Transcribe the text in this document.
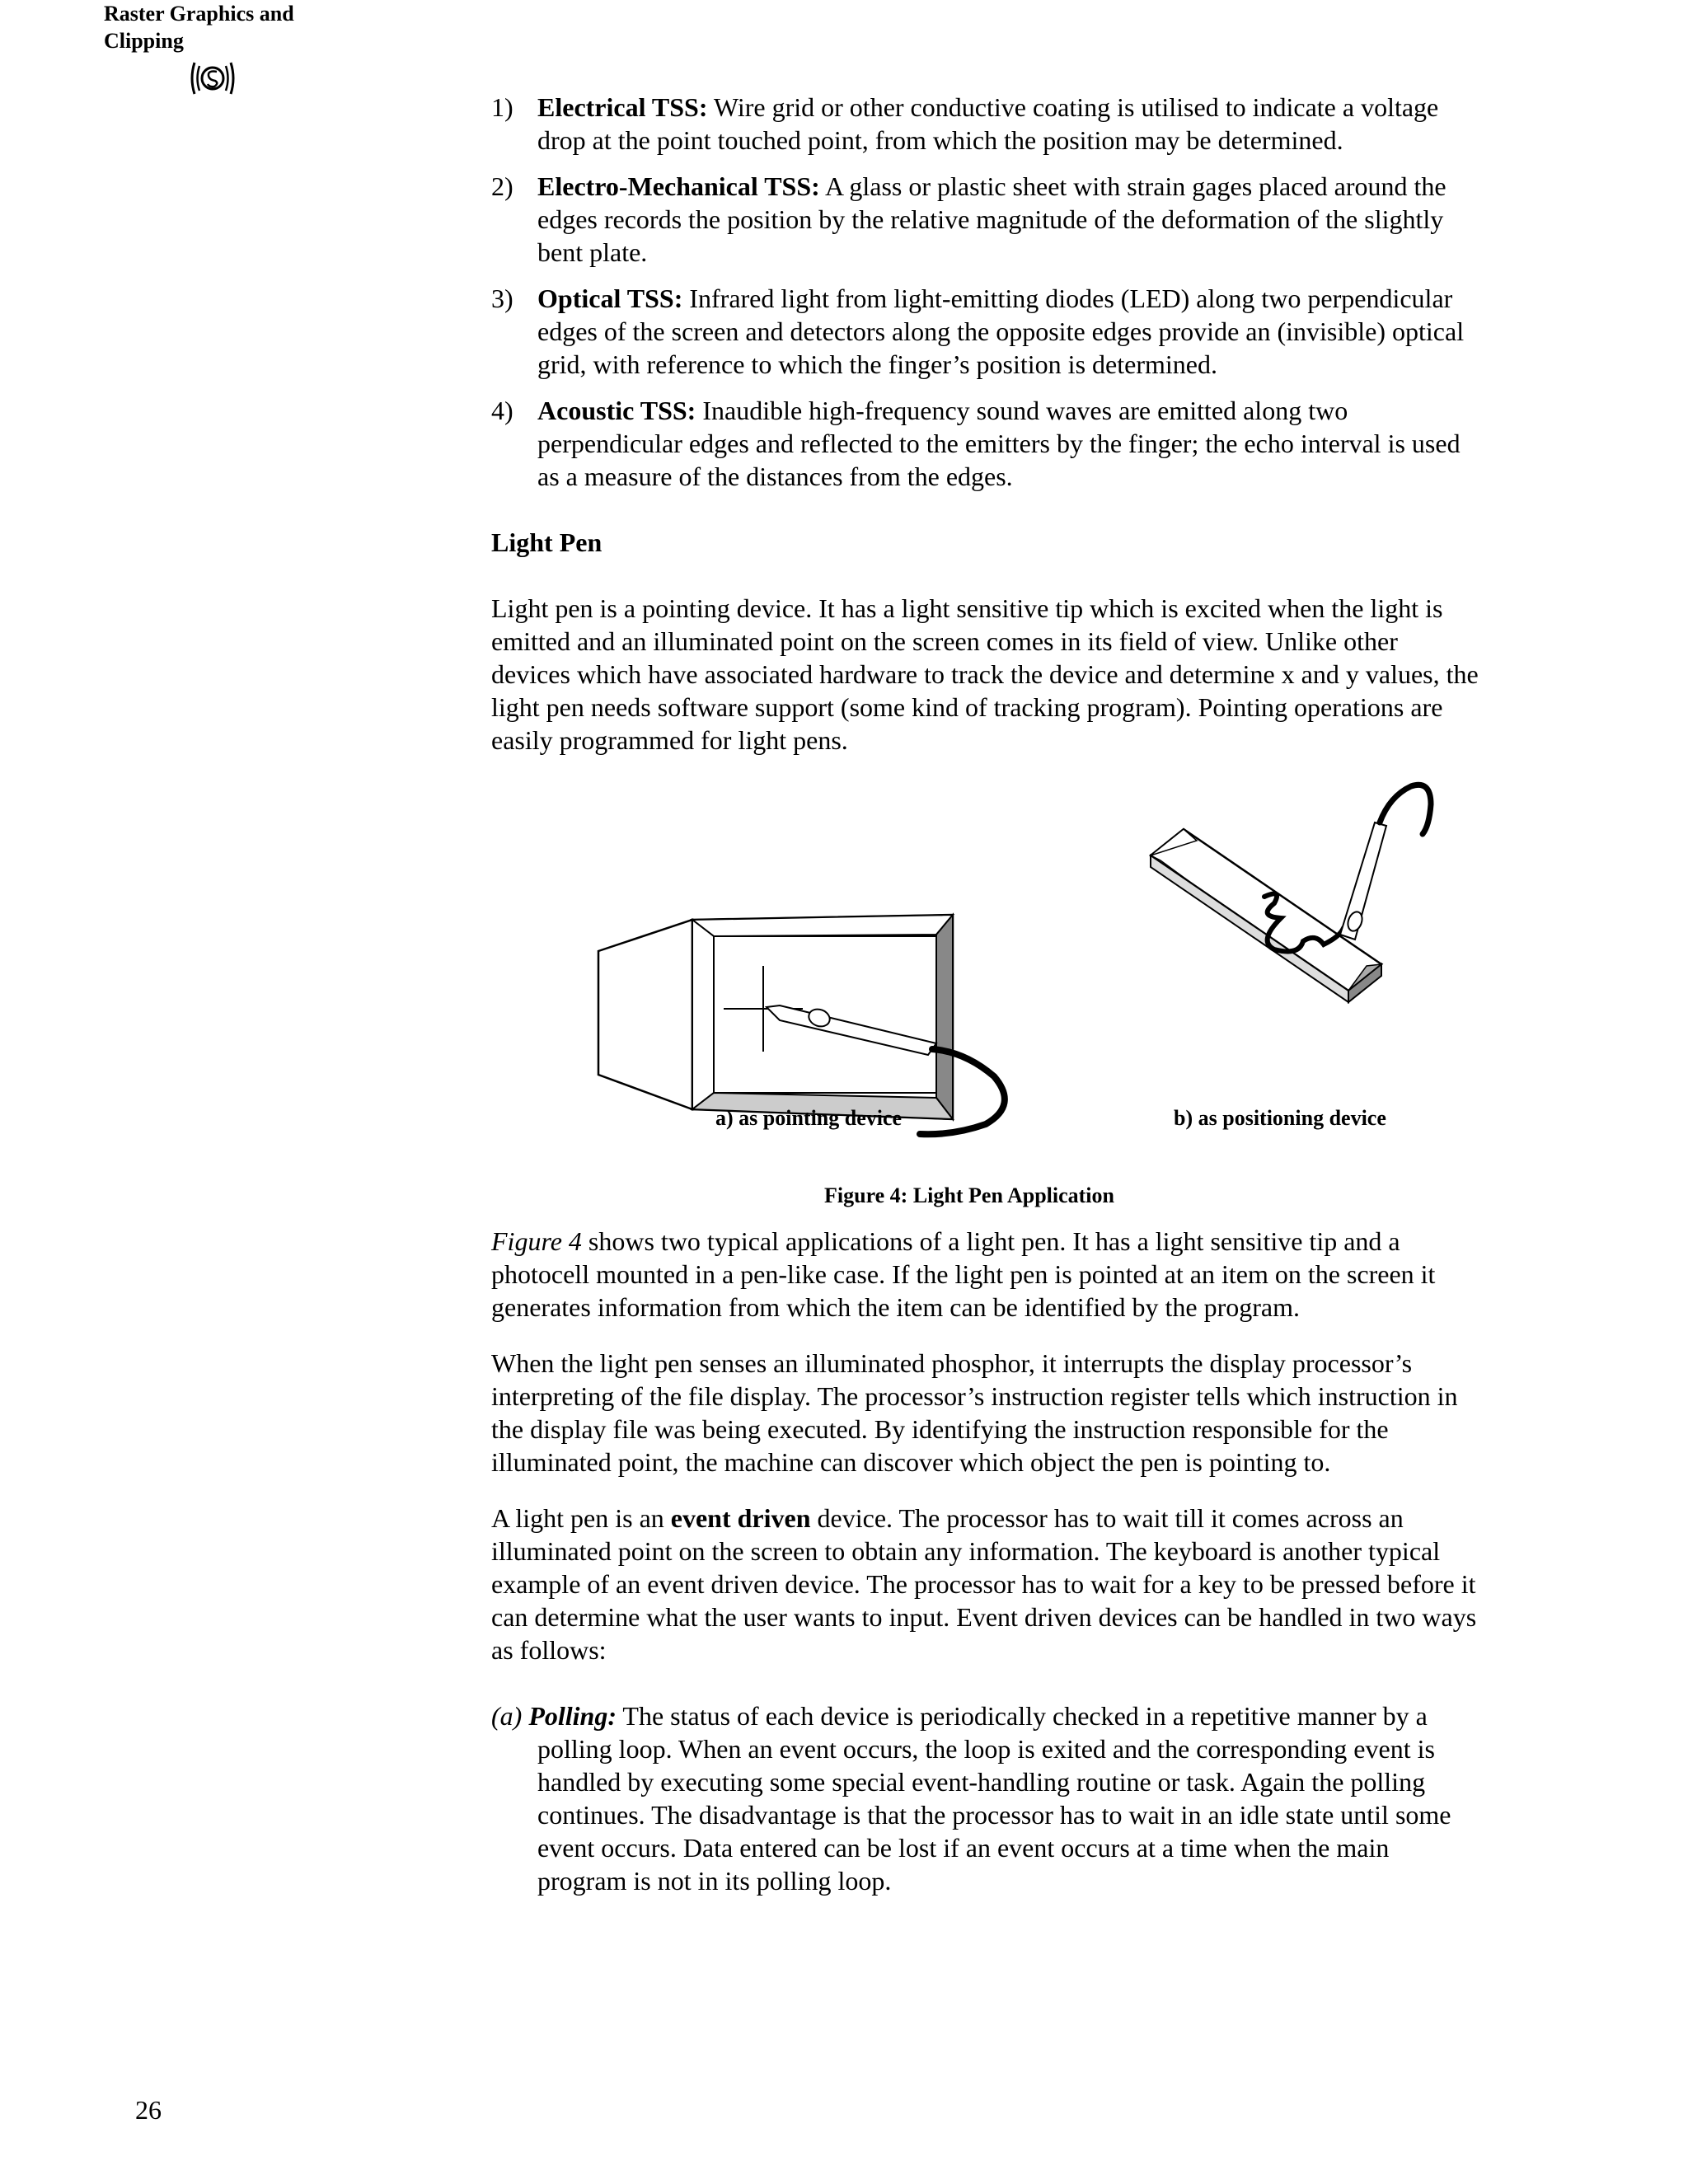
Raster Graphics and
Clipping
1) Electrical TSS: Wire grid or other conductive coating is utilised to indicate a voltage drop at the point touched point, from which the position may be determined.
2) Electro-Mechanical TSS: A glass or plastic sheet with strain gages placed around the edges records the position by the relative magnitude of the deformation of the slightly bent plate.
3) Optical TSS: Infrared light from light-emitting diodes (LED) along two perpendicular edges of the screen and detectors along the opposite edges provide an (invisible) optical grid, with reference to which the finger’s position is determined.
4) Acoustic TSS: Inaudible high-frequency sound waves are emitted along two perpendicular edges and reflected to the emitters by the finger; the echo interval is used as a measure of the distances from the edges.
Light Pen

Light pen is a pointing device. It has a light sensitive tip which is excited when the light is emitted and an illuminated point on the screen comes in its field of view. Unlike other devices which have associated hardware to track the device and determine x and y values, the light pen needs software support (some kind of tracking program). Pointing operations are easily programmed for light pens.

a) as pointing device	b) as positioning device
Figure 4: Light Pen Application

Figure 4 shows two typical applications of a light pen. It has a light sensitive tip and a photocell mounted in a pen-like case. If the light pen is pointed at an item on the screen it generates information from which the item can be identified by the program.

When the light pen senses an illuminated phosphor, it interrupts the display processor’s interpreting of the file display. The processor’s instruction register tells which instruction in the display file was being executed. By identifying the instruction responsible for the illuminated point, the machine can discover which object the pen is pointing to.

A light pen is an event driven device. The processor has to wait till it comes across an illuminated point on the screen to obtain any information. The keyboard is another typical example of an event driven device. The processor has to wait for a key to be pressed before it can determine what the user wants to input. Event driven devices can be handled in two ways as follows:

(a) Polling: The status of each device is periodically checked in a repetitive manner by a polling loop. When an event occurs, the loop is exited and the corresponding event is handled by executing some special event-handling routine or task. Again the polling continues. The disadvantage is that the processor has to wait in an idle state until some event occurs. Data entered can be lost if an event occurs at a time when the main program is not in its polling loop.
26
